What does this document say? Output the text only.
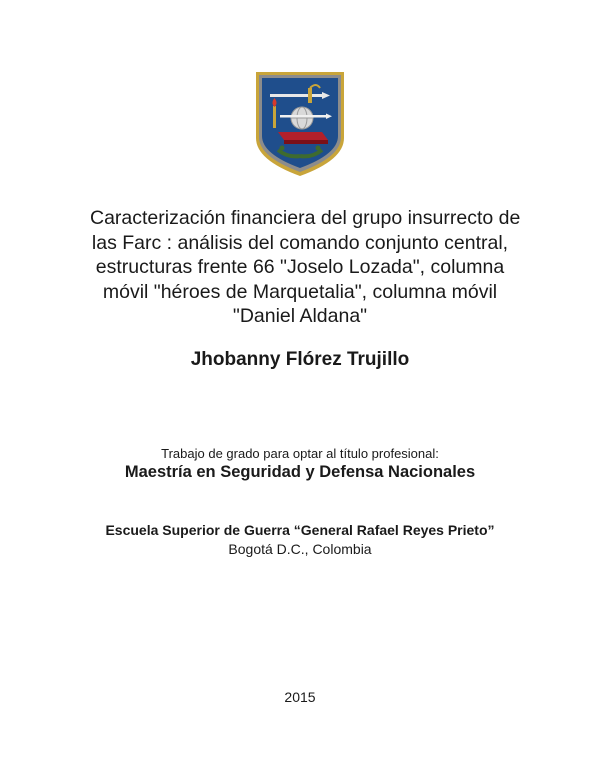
Caracterización financiera del grupo insurrecto de
las Farc : análisis del comando conjunto central,
estructuras frente 66 "Joselo Lozada", columna
móvil "héroes de Marquetalia", columna móvil
"Daniel Aldana"
Jhobanny Flórez Trujillo
Trabajo de grado para optar al título profesional:
Maestría en Seguridad y Defensa Nacionales
Escuela Superior de Guerra “General Rafael Reyes Prieto”
Bogotá D.C., Colombia
2015
